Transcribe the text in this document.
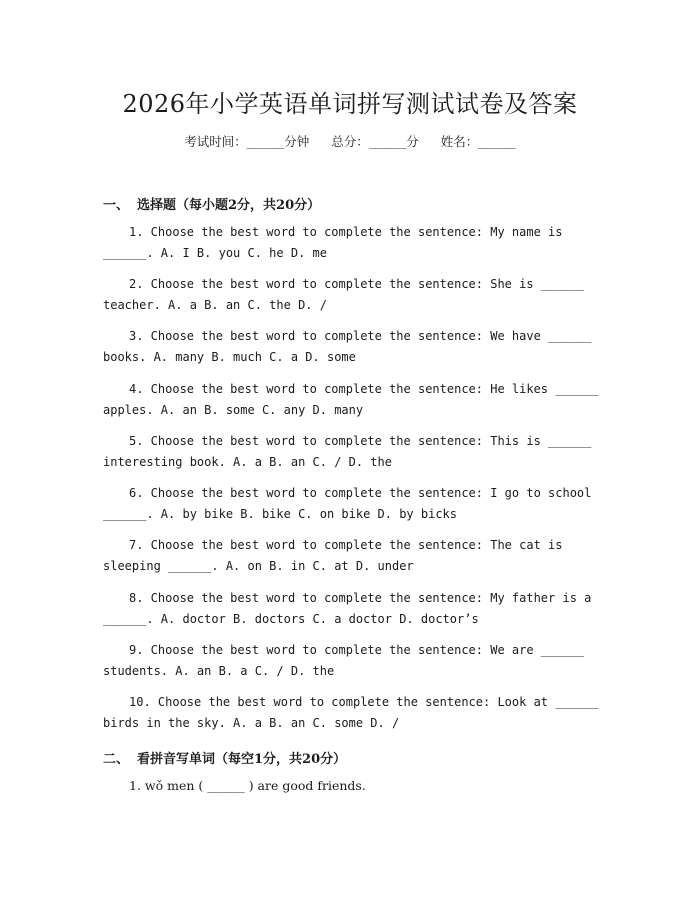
2026年小学英语单词拼写测试试卷及答案
考试时间：______分钟 总分：______分 姓名：______
一、 选择题（每小题2分，共20分）
1. Choose the best word to complete the sentence: My name is ______. A. I B. you C. he D. me
2. Choose the best word to complete the sentence: She is ______ teacher. A. a B. an C. the D. /
3. Choose the best word to complete the sentence: We have ______ books. A. many B. much C. a D. some
4. Choose the best word to complete the sentence: He likes ______ apples. A. an B. some C. any D. many
5. Choose the best word to complete the sentence: This is ______ interesting book. A. a B. an C. / D. the
6. Choose the best word to complete the sentence: I go to school ______. A. by bike B. bike C. on bike D. by bicks
7. Choose the best word to complete the sentence: The cat is sleeping ______. A. on B. in C. at D. under
8. Choose the best word to complete the sentence: My father is a ______. A. doctor B. doctors C. a doctor D. doctor’s
9. Choose the best word to complete the sentence: We are ______ students. A. an B. a C. / D. the
10. Choose the best word to complete the sentence: Look at ______ birds in the sky. A. a B. an C. some D. /
二、 看拼音写单词（每空1分，共20分）
1. wǒ men ( ______ ) are good friends.
